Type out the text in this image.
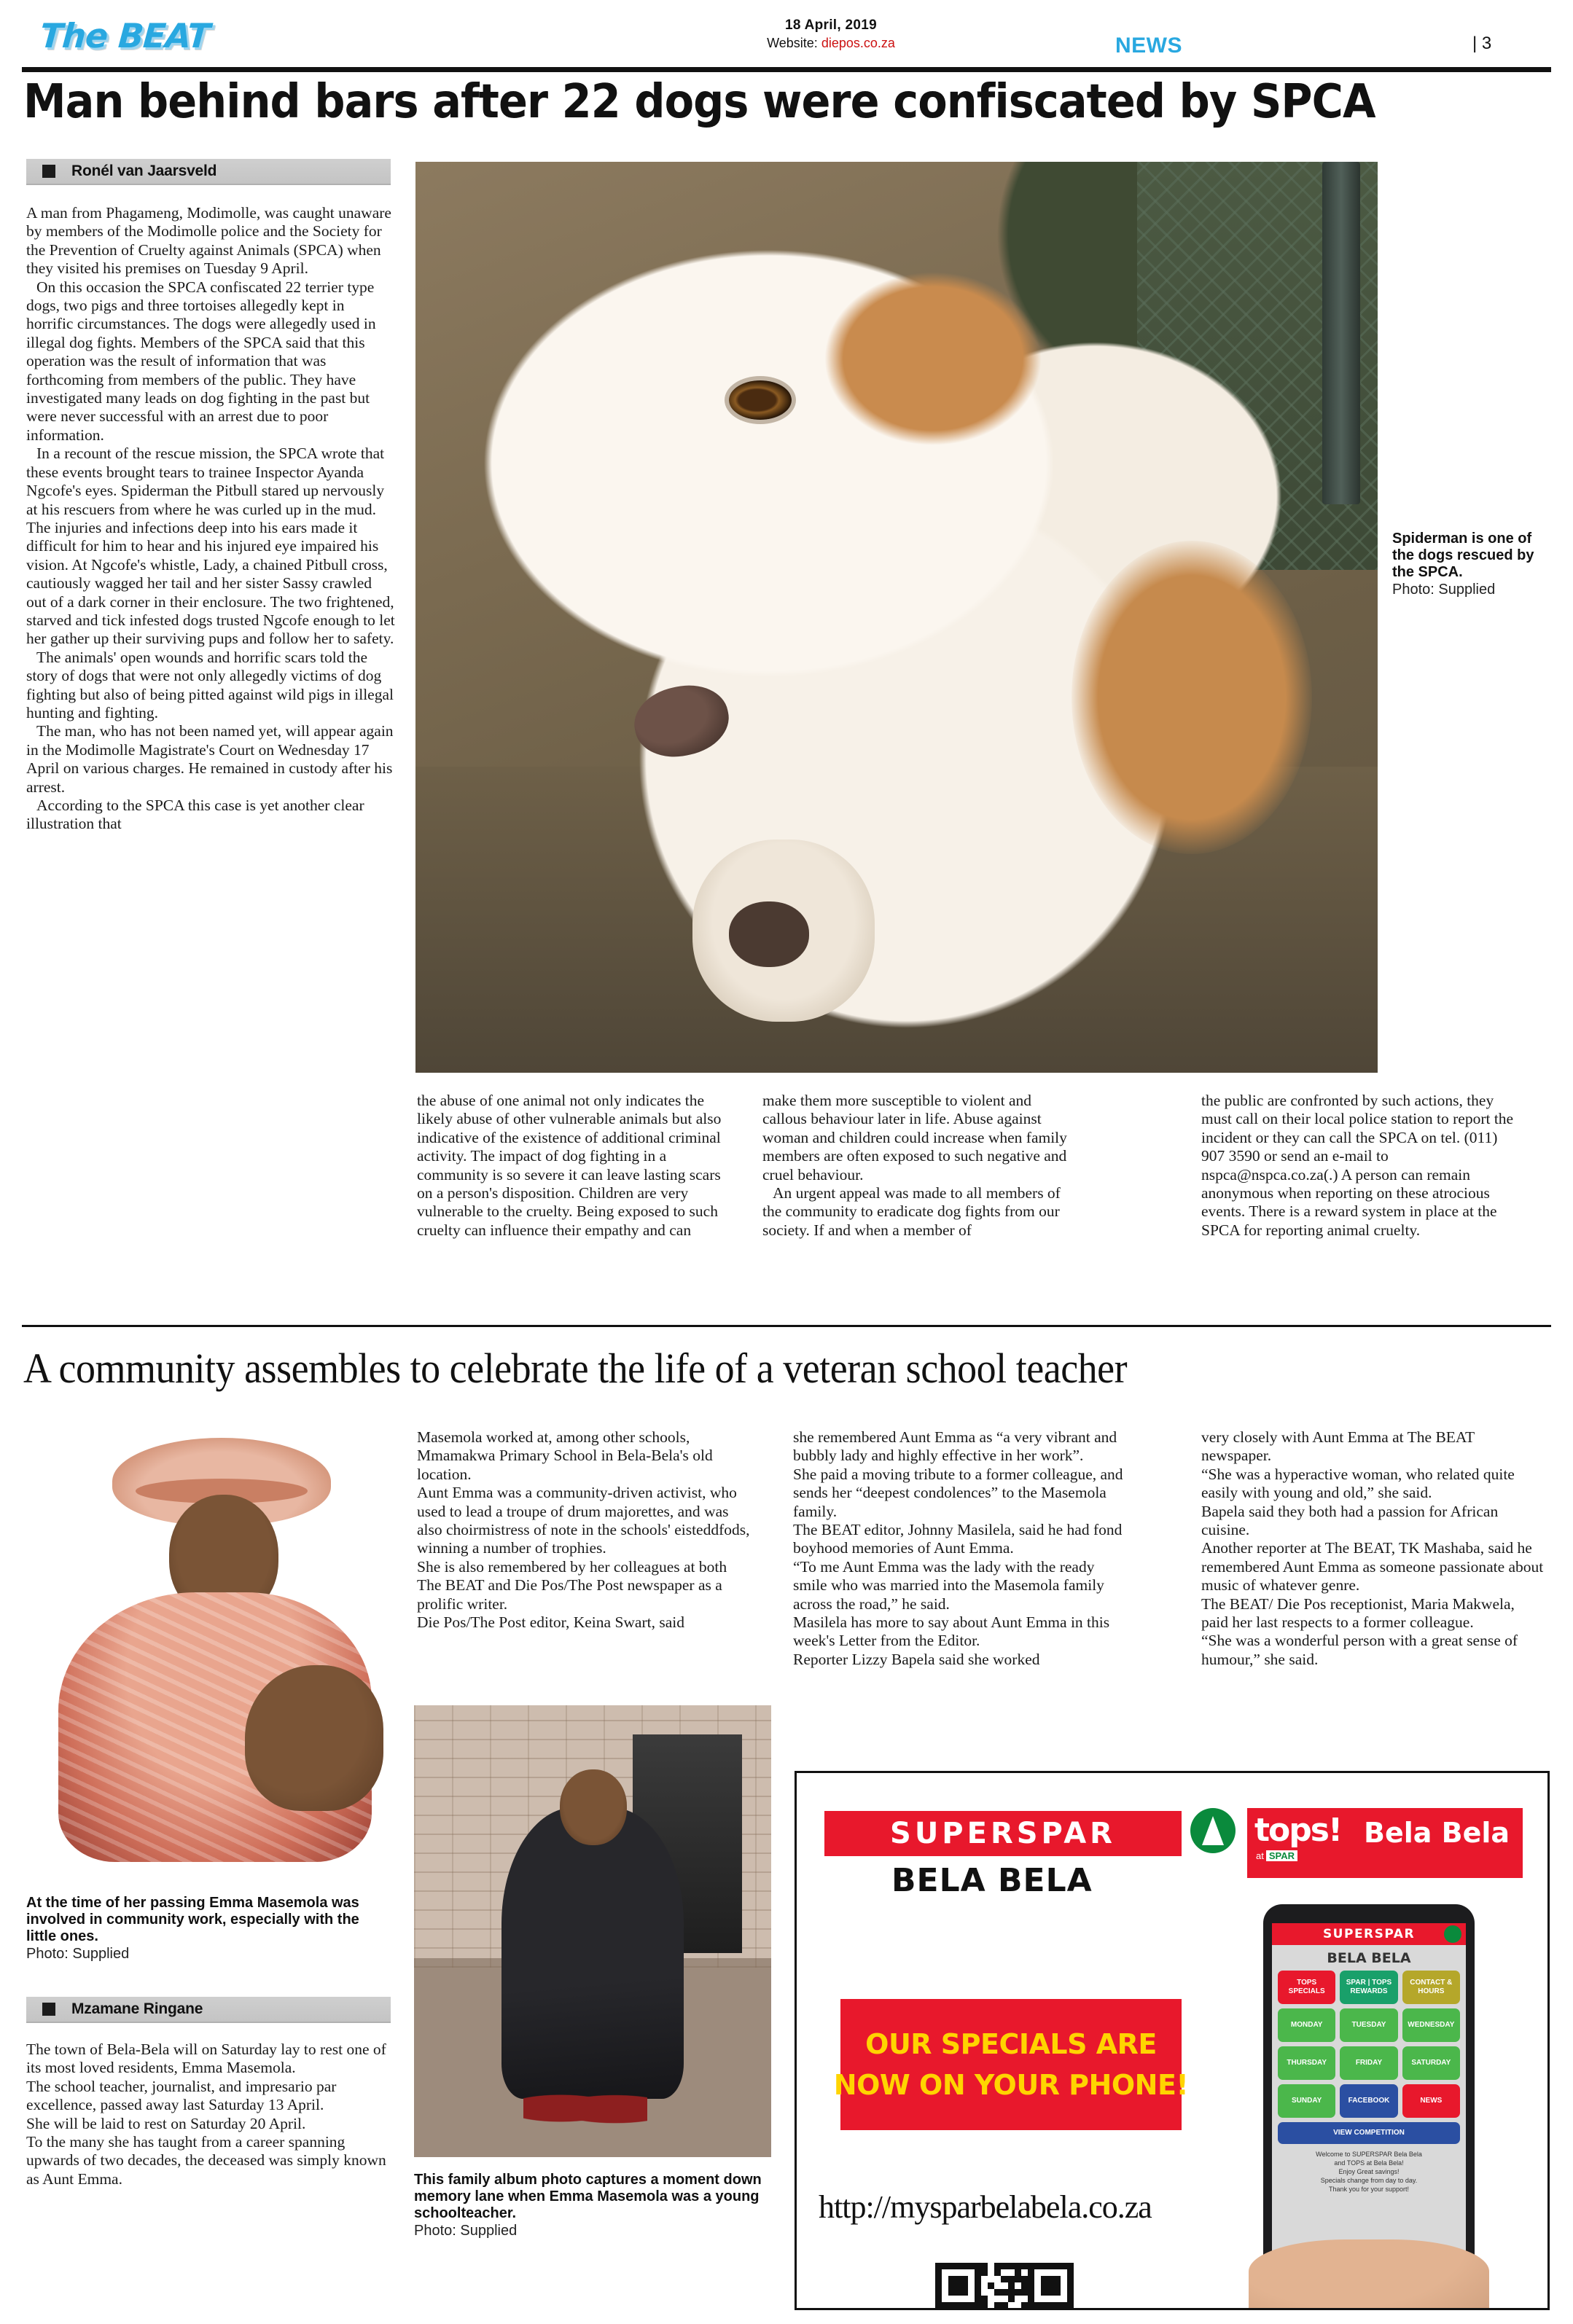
The BEAT	18 April, 2019
Website: diepos.co.za	NEWS	| 3
Man behind bars after 22 dogs were confiscated by SPCA
Ronél van Jaarsveld

A man from Phagameng, Modimolle, was caught unaware by members of the Modimolle police and the Society for the Prevention of Cruelty against Animals (SPCA) when they visited his premises on Tuesday 9 April.

On this occasion the SPCA confiscated 22 terrier type dogs, two pigs and three tortoises allegedly kept in horrific circumstances. The dogs were allegedly used in illegal dog fights. Members of the SPCA said that this operation was the result of information that was forthcoming from members of the public. They have investigated many leads on dog fighting in the past but were never successful with an arrest due to poor information.

In a recount of the rescue mission, the SPCA wrote that these events brought tears to trainee Inspector Ayanda Ngcofe's eyes. Spiderman the Pitbull stared up nervously at his rescuers from where he was curled up in the mud. The injuries and infections deep into his ears made it difficult for him to hear and his injured eye impaired his vision. At Ngcofe's whistle, Lady, a chained Pitbull cross, cautiously wagged her tail and her sister Sassy crawled out of a dark corner in their enclosure. The two frightened, starved and tick infested dogs trusted Ngcofe enough to let her gather up their surviving pups and follow her to safety.

The animals' open wounds and horrific scars told the story of dogs that were not only allegedly victims of dog fighting but also of being pitted against wild pigs in illegal hunting and fighting.

The man, who has not been named yet, will appear again in the Modimolle Magistrate's Court on Wednesday 17 April on various charges. He remained in custody after his arrest.

According to the SPCA this case is yet another clear illustration that

Spiderman is one of the dogs rescued by the SPCA.
Photo: Supplied

the abuse of one animal not only indicates the likely abuse of other vulnerable animals but also indicative of the existence of additional criminal activity. The impact of dog fighting in a community is so severe it can leave lasting scars on a person's disposition. Children are very vulnerable to the cruelty. Being exposed to such cruelty can influence their empathy and can

make them more susceptible to violent and callous behaviour later in life. Abuse against woman and children could increase when family members are often exposed to such negative and cruel behaviour.

An urgent appeal was made to all members of the community to eradicate dog fights from our society. If and when a member of

the public are confronted by such actions, they must call on their local police station to report the incident or they can call the SPCA on tel. (011) 907 3590 or send an e-mail to nspca@nspca.co.za(.) A person can remain anonymous when reporting on these atrocious events. There is a reward system in place at the SPCA for reporting animal cruelty.

A community assembles to celebrate the life of a veteran school teacher
At the time of her passing Emma Masemola was involved in community work, especially with the little ones.
Photo: Supplied
Mzamane Ringane

The town of Bela-Bela will on Saturday lay to rest one of its most loved residents, Emma Masemola.

The school teacher, journalist, and impresario par excellence, passed away last Saturday 13 April.

She will be laid to rest on Saturday 20 April.

To the many she has taught from a career spanning upwards of two decades, the deceased was simply known as Aunt Emma.

Masemola worked at, among other schools, Mmamakwa Primary School in Bela-Bela's old location.

Aunt Emma was a community-driven activist, who used to lead a troupe of drum majorettes, and was also choirmistress of note in the schools' eisteddfods, winning a number of trophies.

She is also remembered by her colleagues at both The BEAT and Die Pos/The Post newspaper as a prolific writer.

Die Pos/The Post editor, Keina Swart, said

she remembered Aunt Emma as “a very vibrant and bubbly lady and highly effective in her work”.

She paid a moving tribute to a former colleague, and sends her “deepest condolences” to the Masemola family.

The BEAT editor, Johnny Masilela, said he had fond boyhood memories of Aunt Emma.

“To me Aunt Emma was the lady with the ready smile who was married into the Masemola family across the road,” he said.

Masilela has more to say about Aunt Emma in this week's Letter from the Editor.

Reporter Lizzy Bapela said she worked

very closely with Aunt Emma at The BEAT newspaper.

“She was a hyperactive woman, who related quite easily with young and old,” she said.

Bapela said they both had a passion for African cuisine.

Another reporter at The BEAT, TK Mashaba, said he remembered Aunt Emma as someone passionate about music of whatever genre.

The BEAT/ Die Pos receptionist, Maria Makwela, paid her last respects to a former colleague.

“She was a wonderful person with a great sense of humour,” she said.

This family album photo captures a moment down memory lane when Emma Masemola was a young schoolteacher.
Photo: Supplied
SUPERSPAR
BELA BELA
tops! Bela Bela
at SPAR
OUR SPECIALS ARE
NOW ON YOUR PHONE!
http://mysparbelabela.co.za
SUPERSPAR
BELA BELA
TOPS SPECIALS
SPAR | TOPS REWARDS
CONTACT & HOURS
MONDAY	TUESDAY	WEDNESDAY
THURSDAY	FRIDAY	SATURDAY
SUNDAY	FACEBOOK	NEWS
VIEW COMPETITION
Welcome to SUPERSPAR Bela Bela
and TOPS at Bela Bela!
Enjoy Great savings!
Specials change from day to day.
Thank you for your support!
